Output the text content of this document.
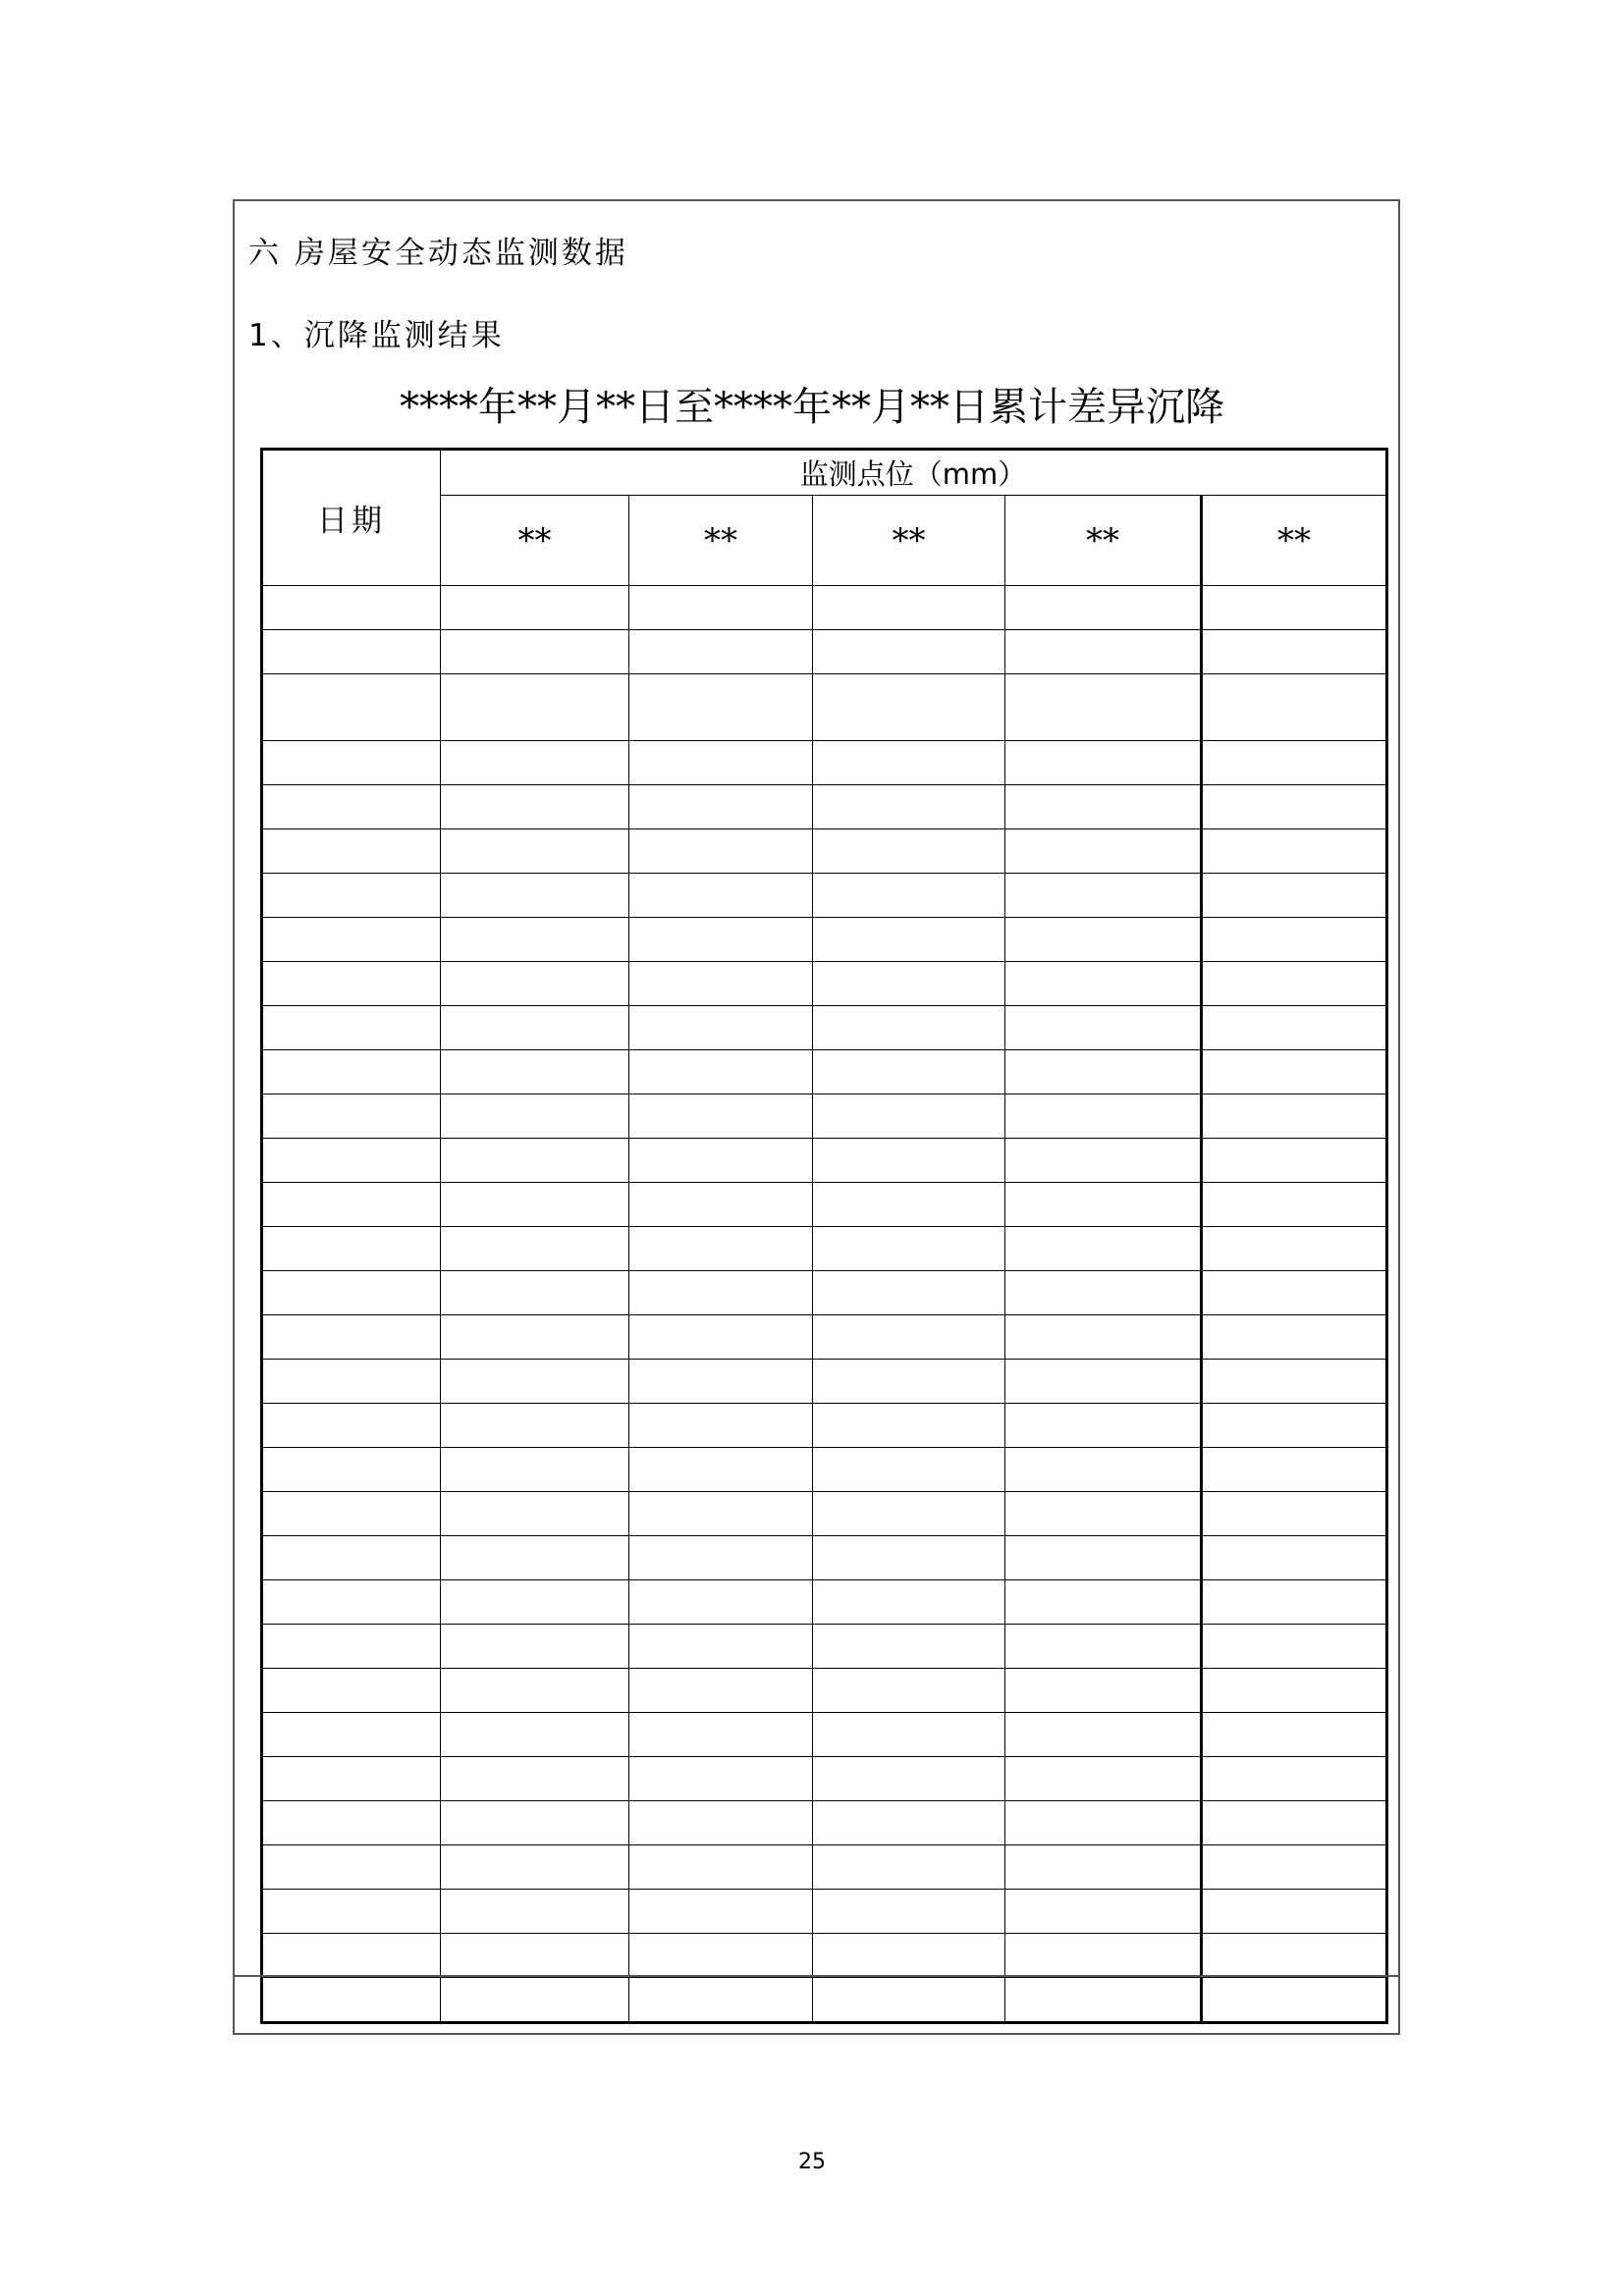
六 房屋安全动态监测数据
1、沉降监测结果
****年**月**日至****年**月**日累计差异沉降
日期	监测点位（mm）				
	**	**	**	**	**

25
